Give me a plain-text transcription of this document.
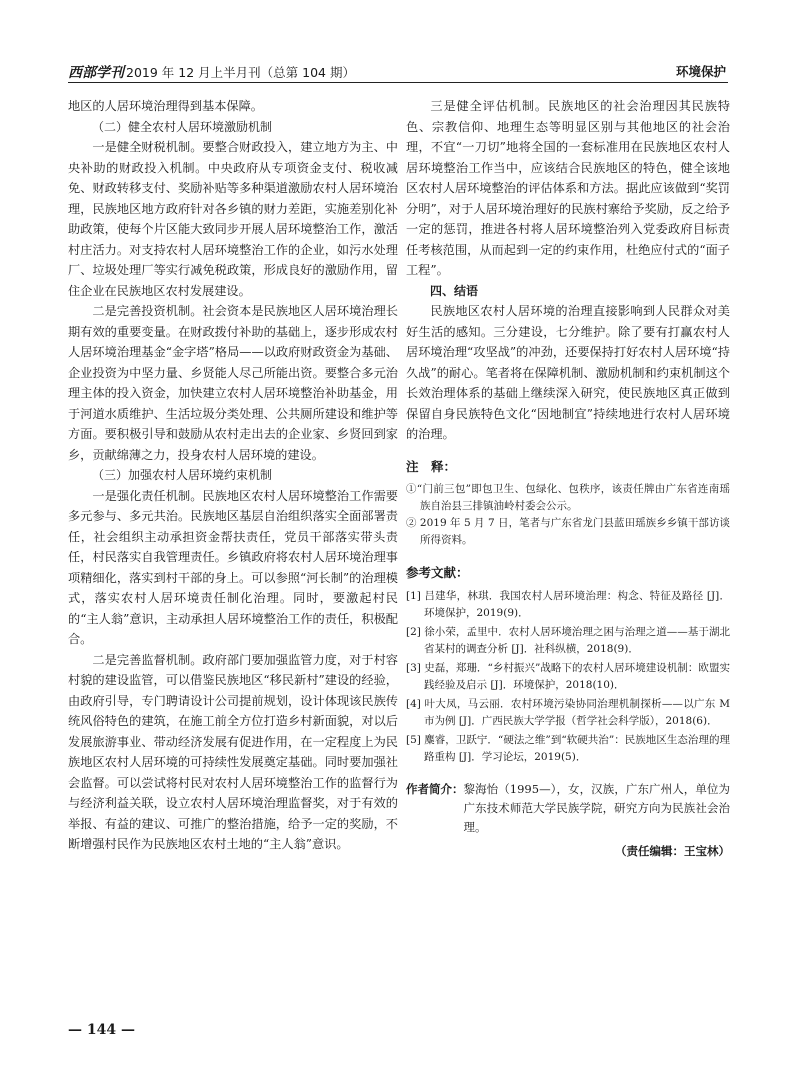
西部学刊 2019 年 12 月上半月刊（总第 104 期）	环境保护

地区的人居环境治理得到基本保障。

（二）健全农村人居环境激励机制

一是健全财税机制。要整合财政投入，建立地方为主、中央补助的财政投入机制。中央政府从专项资金支付、税收减免、财政转移支付、奖励补贴等多种渠道激励农村人居环境治理，民族地区地方政府针对各乡镇的财力差距，实施差别化补助政策，使每个片区能大致同步开展人居环境整治工作，激活村庄活力。对支持农村人居环境整治工作的企业，如污水处理厂、垃圾处理厂等实行减免税政策，形成良好的激励作用，留住企业在民族地区农村发展建设。

二是完善投资机制。社会资本是民族地区人居环境治理长期有效的重要变量。在财政拨付补助的基础上，逐步形成农村人居环境治理基金“金字塔”格局——以政府财政资金为基础、企业投资为中坚力量、乡贤能人尽己所能出资。要整合多元治理主体的投入资金，加快建立农村人居环境整治补助基金，用于河道水质维护、生活垃圾分类处理、公共厕所建设和维护等方面。要积极引导和鼓励从农村走出去的企业家、乡贤回到家乡，贡献绵薄之力，投身农村人居环境的建设。

（三）加强农村人居环境约束机制

一是强化责任机制。民族地区农村人居环境整治工作需要多元参与、多元共治。民族地区基层自治组织落实全面部署责任，社会组织主动承担资金帮扶责任，党员干部落实带头责任，村民落实自我管理责任。乡镇政府将农村人居环境治理事项精细化，落实到村干部的身上。可以参照“河长制”的治理模式，落实农村人居环境责任制化治理。同时，要激起村民的“主人翁”意识，主动承担人居环境整治工作的责任，积极配合。

二是完善监督机制。政府部门要加强监管力度，对于村容村貌的建设监管，可以借鉴民族地区“移民新村”建设的经验，由政府引导，专门聘请设计公司提前规划，设计体现该民族传统风俗特色的建筑，在施工前全方位打造乡村新面貌，对以后发展旅游事业、带动经济发展有促进作用，在一定程度上为民族地区农村人居环境的可持续性发展奠定基础。同时要加强社会监督。可以尝试将村民对农村人居环境整治工作的监督行为与经济利益关联，设立农村人居环境治理监督奖，对于有效的举报、有益的建议、可推广的整治措施，给予一定的奖励，不断增强村民作为民族地区农村土地的“主人翁”意识。

三是健全评估机制。民族地区的社会治理因其民族特色、宗教信仰、地理生态等明显区别与其他地区的社会治理，不宜“一刀切”地将全国的一套标准用在民族地区农村人居环境整治工作当中，应该结合民族地区的特色，健全该地区农村人居环境整治的评估体系和方法。据此应该做到“奖罚分明”，对于人居环境治理好的民族村寨给予奖励，反之给予一定的惩罚，推进各村将人居环境整治列入党委政府目标责任考核范围，从而起到一定的约束作用，杜绝应付式的“面子工程”。

四、结语

民族地区农村人居环境的治理直接影响到人民群众对美好生活的感知。三分建设，七分维护。除了要有打赢农村人居环境治理“攻坚战”的冲劲，还要保持打好农村人居环境“持久战”的耐心。笔者将在保障机制、激励机制和约束机制这个长效治理体系的基础上继续深入研究，使民族地区真正做到保留自身民族特色文化“因地制宜”持续地进行农村人居环境的治理。

注　释：

①“门前三包”即包卫生、包绿化、包秩序，该责任牌由广东省连南瑶族自治县三排镇油岭村委会公示。

② 2019 年 5 月 7 日，笔者与广东省龙门县蓝田瑶族乡乡镇干部访谈所得资料。

参考文献：

[1] 吕建华，林琪．我国农村人居环境治理：构念、特征及路径 [J]．环境保护，2019(9)．

[2] 徐小荣，孟里中．农村人居环境治理之困与治理之道——基于湖北省某村的调查分析 [J]．社科纵横，2018(9)．

[3] 史磊，郑珊．“乡村振兴”战略下的农村人居环境建设机制：欧盟实践经验及启示 [J]．环境保护，2018(10)．

[4] 叶大凤，马云丽．农村环境污染协同治理机制探析——以广东 M 市为例 [J]．广西民族大学学报（哲学社会科学版），2018(6)．

[5] 麋睿，卫跃宁．“硬法之维”到“软硬共治”：民族地区生态治理的理路重构 [J]．学习论坛，2019(5)．

作者简介： 黎海怡（1995—），女，汉族，广东广州人，单位为广东技术师范大学民族学院，研究方向为民族社会治理。
（责任编辑：王宝林）
— 144 —
